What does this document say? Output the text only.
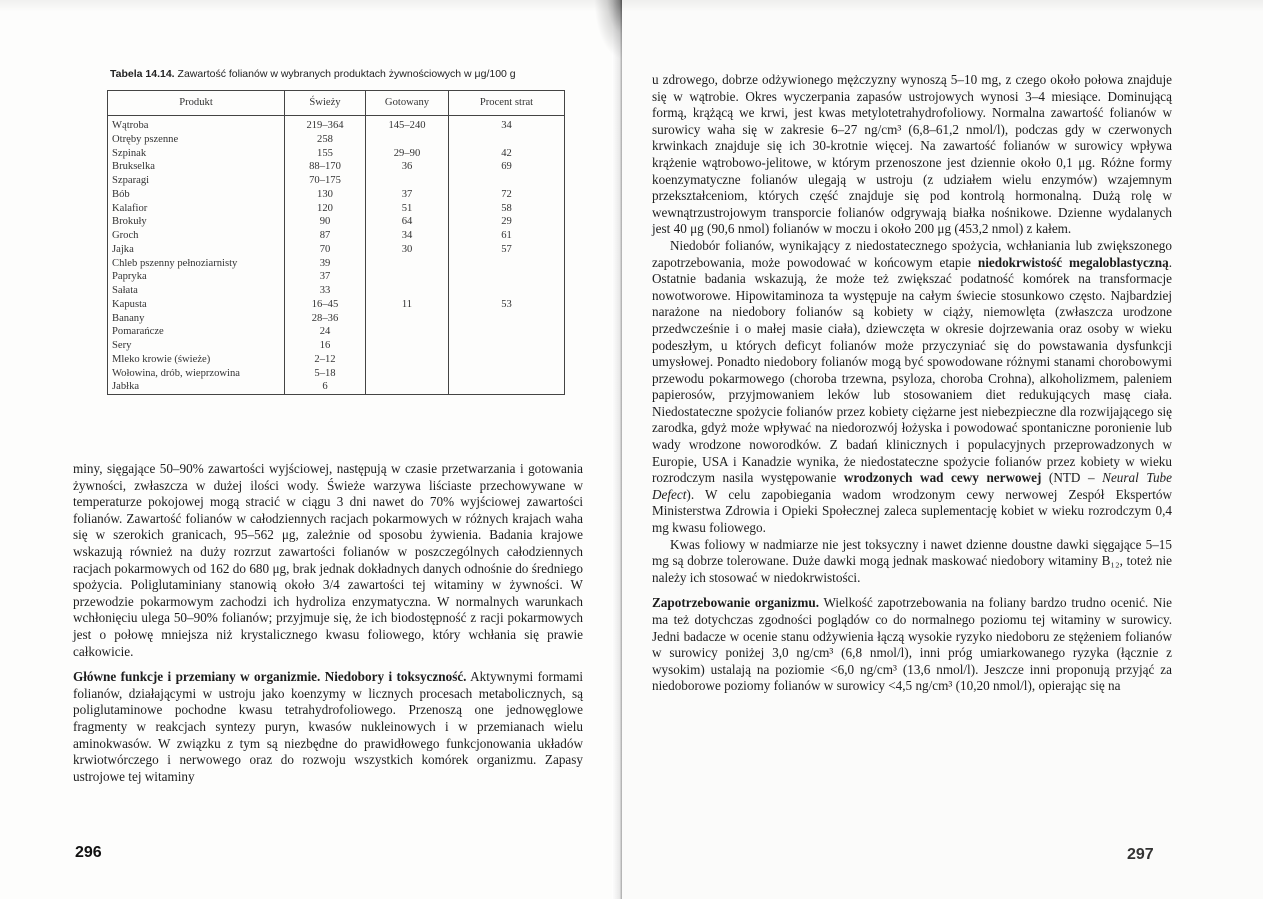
Tabela 14.14. Zawartość folianów w wybranych produktach żywnościowych w μg/100 g
Produkt	Świeży	Gotowany	Procent strat
Wątroba	219–364	145–240	34
Otręby pszenne	258		
Szpinak	155	29–90	42
Brukselka	88–170	36	69
Szparagi	70–175		
Bób	130	37	72
Kalafior	120	51	58
Brokuły	90	64	29
Groch	87	34	61
Jajka	70	30	57
Chleb pszenny pełnoziarnisty	39		
Papryka	37		
Sałata	33		
Kapusta	16–45	11	53
Banany	28–36		
Pomarańcze	24		
Sery	16		
Mleko krowie (świeże)	2–12		
Wołowina, drób, wieprzowina	5–18		
Jabłka	6		

miny, sięgające 50–90% zawartości wyjściowej, następują w czasie przetwarzania i gotowania żywności, zwłaszcza w dużej ilości wody. Świeże warzywa liściaste przechowywane w temperaturze pokojowej mogą stracić w ciągu 3 dni nawet do 70% wyjściowej zawartości folianów. Zawartość folianów w całodziennych racjach pokarmowych w różnych krajach waha się w szerokich granicach, 95–562 μg, zależnie od sposobu żywienia. Badania krajowe wskazują również na duży rozrzut zawartości folianów w poszczególnych całodziennych racjach pokarmowych od 162 do 680 μg, brak jednak dokładnych danych odnośnie do średniego spożycia. Poliglutaminiany stanowią około 3/4 zawartości tej witaminy w żywności. W przewodzie pokarmowym zachodzi ich hydroliza enzymatyczna. W normalnych warunkach wchłonięciu ulega 50–90% folianów; przyjmuje się, że ich biodostępność z racji pokarmowych jest o połowę mniejsza niż krystalicznego kwasu foliowego, który wchłania się prawie całkowicie.

Główne funkcje i przemiany w organizmie. Niedobory i toksyczność. Aktywnymi formami folianów, działającymi w ustroju jako koenzymy w licznych procesach metabolicznych, są poliglutaminowe pochodne kwasu tetrahydrofoliowego. Przenoszą one jednowęglowe fragmenty w reakcjach syntezy puryn, kwasów nukleinowych i w przemianach wielu aminokwasów. W związku z tym są niezbędne do prawidłowego funkcjonowania układów krwiotwórczego i nerwowego oraz do rozwoju wszystkich komórek organizmu. Zapasy ustrojowe tej witaminy

296

u zdrowego, dobrze odżywionego mężczyzny wynoszą 5–10 mg, z czego około połowa znajduje się w wątrobie. Okres wyczerpania zapasów ustrojowych wynosi 3–4 miesiące. Dominującą formą, krążącą we krwi, jest kwas metylotetrahydrofoliowy. Normalna zawartość folianów w surowicy waha się w zakresie 6–27 ng/cm³ (6,8–61,2 nmol/l), podczas gdy w czerwonych krwinkach znajduje się ich 30-krotnie więcej. Na zawartość folianów w surowicy wpływa krążenie wątrobowo-jelitowe, w którym przenoszone jest dziennie około 0,1 μg. Różne formy koenzymatyczne folianów ulegają w ustroju (z udziałem wielu enzymów) wzajemnym przekształceniom, których część znajduje się pod kontrolą hormonalną. Dużą rolę w wewnątrzustrojowym transporcie folianów odgrywają białka nośnikowe. Dzienne wydalanych jest 40 μg (90,6 nmol) folianów w moczu i około 200 μg (453,2 nmol) z kałem.

Niedobór folianów, wynikający z niedostatecznego spożycia, wchłaniania lub zwiększonego zapotrzebowania, może powodować w końcowym etapie niedokrwistość megaloblastyczną. Ostatnie badania wskazują, że może też zwiększać podatność komórek na transformacje nowotworowe. Hipowitaminoza ta występuje na całym świecie stosunkowo często. Najbardziej narażone na niedobory folianów są kobiety w ciąży, niemowlęta (zwłaszcza urodzone przedwcześnie i o małej masie ciała), dziewczęta w okresie dojrzewania oraz osoby w wieku podeszłym, u których deficyt folianów może przyczyniać się do powstawania dysfunkcji umysłowej. Ponadto niedobory folianów mogą być spowodowane różnymi stanami chorobowymi przewodu pokarmowego (choroba trzewna, psyloza, choroba Crohna), alkoholizmem, paleniem papierosów, przyjmowaniem leków lub stosowaniem diet redukujących masę ciała. Niedostateczne spożycie folianów przez kobiety ciężarne jest niebezpieczne dla rozwijającego się zarodka, gdyż może wpływać na niedorozwój łożyska i powodować spontaniczne poronienie lub wady wrodzone noworodków. Z badań klinicznych i populacyjnych przeprowadzonych w Europie, USA i Kanadzie wynika, że niedostateczne spożycie folianów przez kobiety w wieku rozrodczym nasila występowanie wrodzonych wad cewy nerwowej (NTD – Neural Tube Defect). W celu zapobiegania wadom wrodzonym cewy nerwowej Zespół Ekspertów Ministerstwa Zdrowia i Opieki Społecznej zaleca suplementację kobiet w wieku rozrodczym 0,4 mg kwasu foliowego.

Kwas foliowy w nadmiarze nie jest toksyczny i nawet dzienne doustne dawki sięgające 5–15 mg są dobrze tolerowane. Duże dawki mogą jednak maskować niedobory witaminy B₁₂, toteż nie należy ich stosować w niedokrwistości.

Zapotrzebowanie organizmu. Wielkość zapotrzebowania na foliany bardzo trudno ocenić. Nie ma też dotychczas zgodności poglądów co do normalnego poziomu tej witaminy w surowicy. Jedni badacze w ocenie stanu odżywienia łączą wysokie ryzyko niedoboru ze stężeniem folianów w surowicy poniżej 3,0 ng/cm³ (6,8 nmol/l), inni próg umiarkowanego ryzyka (łącznie z wysokim) ustalają na poziomie <6,0 ng/cm³ (13,6 nmol/l). Jeszcze inni proponują przyjąć za niedoborowe poziomy folianów w surowicy <4,5 ng/cm³ (10,20 nmol/l), opierając się na

297
